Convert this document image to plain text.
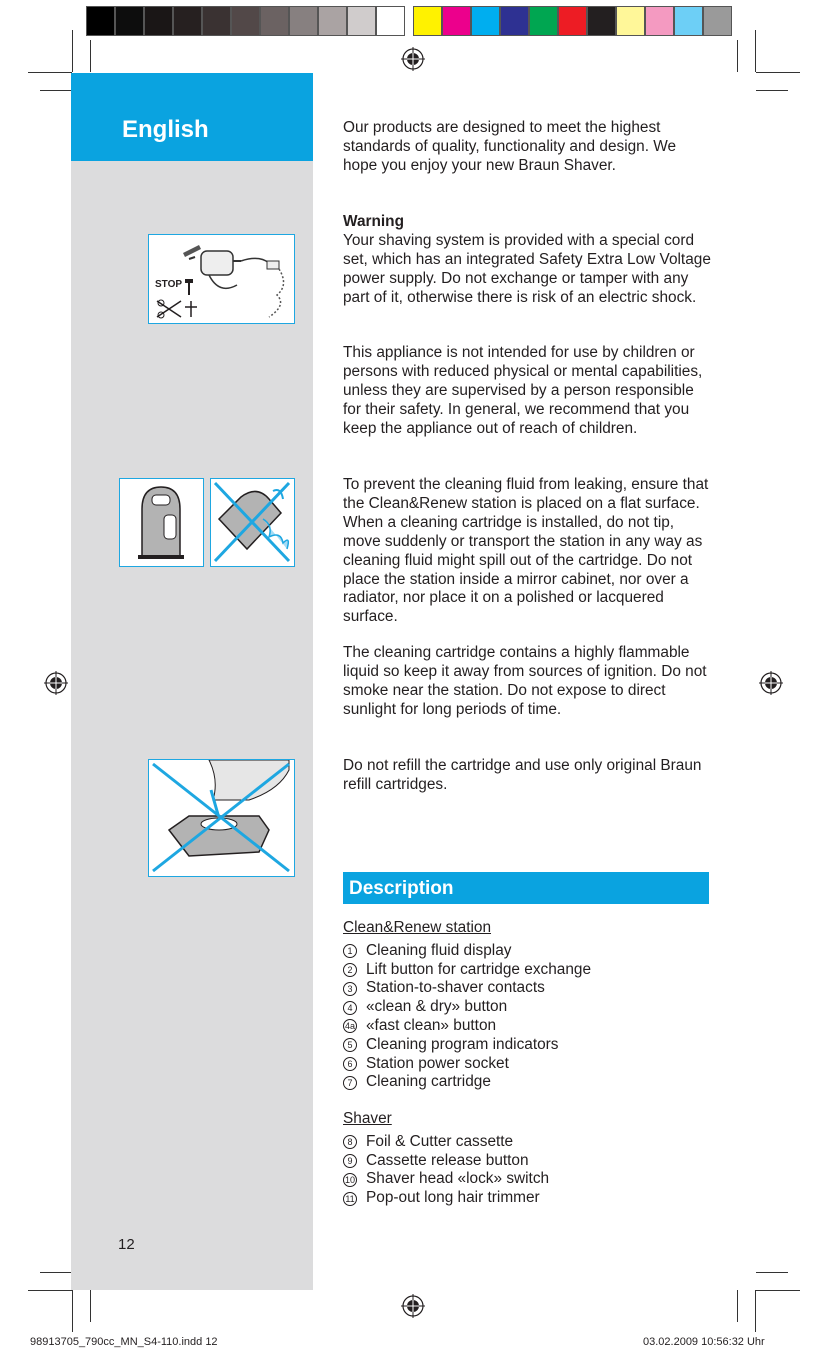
English
STOP
Our products are designed to meet the highest standards of quality, functionality and design. We hope you enjoy your new Braun Shaver.

Warning

Your shaving system is provided with a special cord set, which has an integrated Safety Extra Low Voltage power supply. Do not exchange or tamper with any part of it, otherwise there is risk of an electric shock.

This appliance is not intended for use by children or persons with reduced physical or mental capabilities, unless they are supervised by a person responsible for their safety. In general, we recommend that you keep the appliance out of reach of children.
To prevent the cleaning fluid from leaking, ensure that the Clean&Renew station is placed on a flat surface. When a cleaning cartridge is installed, do not tip, move suddenly or transport the station in any way as cleaning fluid might spill out of the cartridge. Do not place the station inside a mirror cabinet, nor over a radiator, nor place it on a polished or lacquered surface.
The cleaning cartridge contains a highly flammable liquid so keep it away from sources of ignition. Do not smoke near the station. Do not expose to direct sunlight for long periods of time.
Do not refill the cartridge and use only original Braun refill cartridges.
Description
Clean&Renew station
1 Cleaning fluid display
2 Lift button for cartridge exchange
3 Station-to-shaver contacts
4 «clean & dry» button
4a «fast clean» button
5 Cleaning program indicators
6 Station power socket
7 Cleaning cartridge
Shaver
8 Foil & Cutter cassette
9 Cassette release button
10 Shaver head «lock» switch
11 Pop-out long hair trimmer
12
98913705_790cc_MN_S4-110.indd 12	03.02.2009 10:56:32 Uhr
